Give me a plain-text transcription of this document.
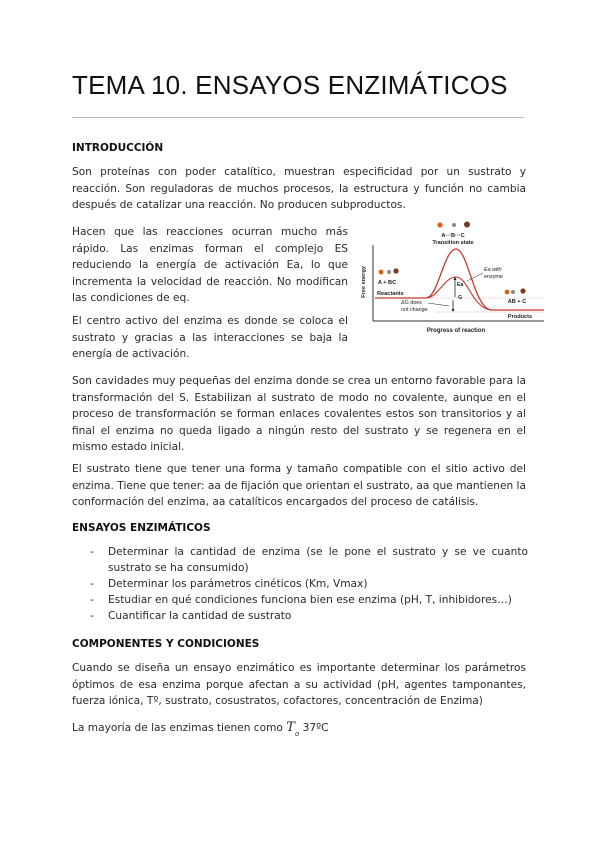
TEMA 10. ENSAYOS ENZIMÁTICOS
INTRODUCCIÓN
Son proteínas con poder catalítico, muestran especificidad por un sustrato y reacción. Son reguladoras de muchos procesos, la estructura y función no cambia después de catalizar una reacción. No producen subproductos.
Hacen que las reacciones ocurran mucho más rápido. Las enzimas forman el complejo ES reduciendo la energía de activación Ea, lo que incrementa la velocidad de reacción. No modifican las condiciones de eq.
El centro activo del enzima es donde se coloca el sustrato y gracias a las interacciones se baja la energía de activación.
Son cavidades muy pequeñas del enzima donde se crea un entorno favorable para la transformación del S. Estabilizan al sustrato de modo no covalente, aunque en el proceso de transformación se forman enlaces covalentes estos son transitorios y al final el enzima no queda ligado a ningún resto del sustrato y se regenera en el mismo estado inicial.
El sustrato tiene que tener una forma y tamaño compatible con el sitio activo del enzima. Tiene que tener: aa de fijación que orientan el sustrato, aa que mantienen la conformación del enzima, aa catalíticos encargados del proceso de catálisis.
Free energy
Progress of reaction
A···B···C
Transition state
A + BC
Reactants
Ea
G
Ea with
enzyme
ΔG does
not change
AB + C
Products
ENSAYOS ENZIMÁTICOS
- Determinar la cantidad de enzima (se le pone el sustrato y se ve cuanto sustrato se ha consumido)
- Determinar los parámetros cinéticos (Km, Vmax)
- Estudiar en qué condiciones funciona bien ese enzima (pH, T, inhibidores…)
- Cuantificar la cantidad de sustrato
COMPONENTES Y CONDICIONES
Cuando se diseña un ensayo enzimático es importante determinar los parámetros óptimos de esa enzima porque afectan a su actividad (pH, agentes tamponantes, fuerza iónica, Tº, sustrato, cosustratos, cofactores, concentración de Enzima)
La mayoría de las enzimas tienen como $T_o$ 37ºC
